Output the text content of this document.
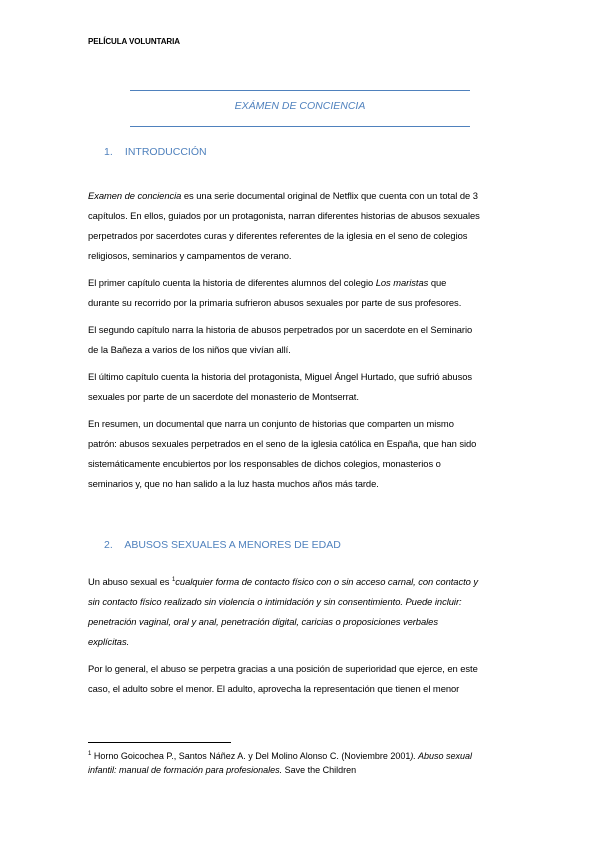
PELÍCULA VOLUNTARIA
EXÁMEN DE CONCIENCIA
1. INTRODUCCIÓN

Examen de conciencia es una serie documental original de Netflix que cuenta con un total de 3
capítulos. En ellos, guiados por un protagonista, narran diferentes historias de abusos sexuales
perpetrados por sacerdotes curas y diferentes referentes de la iglesia en el seno de colegios
religiosos, seminarios y campamentos de verano.

El primer capítulo cuenta la historia de diferentes alumnos del colegio Los maristas que
durante su recorrido por la primaria sufrieron abusos sexuales por parte de sus profesores.

El segundo capítulo narra la historia de abusos perpetrados por un sacerdote en el Seminario
de la Bañeza a varios de los niños que vivían allí.

El último capítulo cuenta la historia del protagonista, Miguel Ángel Hurtado, que sufrió abusos
sexuales por parte de un sacerdote del monasterio de Montserrat.

En resumen, un documental que narra un conjunto de historias que comparten un mismo
patrón: abusos sexuales perpetrados en el seno de la iglesia católica en España, que han sido
sistemáticamente encubiertos por los responsables de dichos colegios, monasterios o
seminarios y, que no han salido a la luz hasta muchos años más tarde.

2. ABUSOS SEXUALES A MENORES DE EDAD

Un abuso sexual es $^1$cualquier forma de contacto físico con o sin acceso carnal, con contacto y
sin contacto físico realizado sin violencia o intimidación y sin consentimiento. Puede incluir:
penetración vaginal, oral y anal, penetración digital, caricias o proposiciones verbales
explícitas.

Por lo general, el abuso se perpetra gracias a una posición de superioridad que ejerce, en este
caso, el adulto sobre el menor. El adulto, aprovecha la representación que tienen el menor

$^1$ Horno Goicochea P., Santos Náñez A. y Del Molino Alonso C. (Noviembre 2001). Abuso sexual
infantil: manual de formación para profesionales. Save the Children
